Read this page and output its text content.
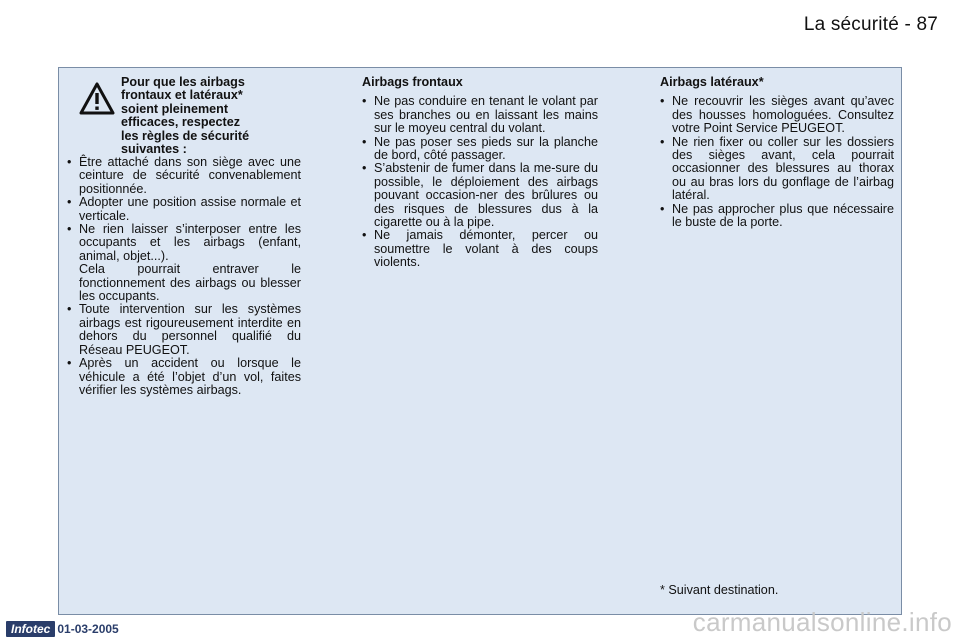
La sécurité - 87
Pour que les airbags
frontaux et latéraux*
soient pleinement
efficaces, respectez
les règles de sécurité
suivantes :
• Être attaché dans son siège avec une ceinture de sécurité convenablement positionnée.
• Adopter une position assise normale et verticale.
• Ne rien laisser s’interposer entre les occupants et les airbags (enfant, animal, objet...).
Cela pourrait entraver le fonctionnement des airbags ou blesser les occupants.
• Toute intervention sur les systèmes airbags est rigoureusement interdite en dehors du personnel qualifié du Réseau PEUGEOT.
• Après un accident ou lorsque le véhicule a été l’objet d’un vol, faites vérifier les systèmes airbags.
Airbags frontaux
• Ne pas conduire en tenant le volant par ses branches ou en laissant les mains sur le moyeu central du volant.
• Ne pas poser ses pieds sur la planche de bord, côté passager.
• S’abstenir de fumer dans la me-sure du possible, le déploiement des airbags pouvant occasion-ner des brûlures ou des risques de blessures dus à la cigarette ou à la pipe.
• Ne jamais démonter, percer ou soumettre le volant à des coups violents.
Airbags latéraux*
• Ne recouvrir les sièges avant qu’avec des housses homologuées. Consultez votre Point Service PEUGEOT.
• Ne rien fixer ou coller sur les dossiers des sièges avant, cela pourrait occasionner des blessures au thorax ou au bras lors du gonflage de l’airbag latéral.
• Ne pas approcher plus que nécessaire le buste de la porte.
* Suivant destination.
Infotec 01-03-2005	carmanualsonline.info
